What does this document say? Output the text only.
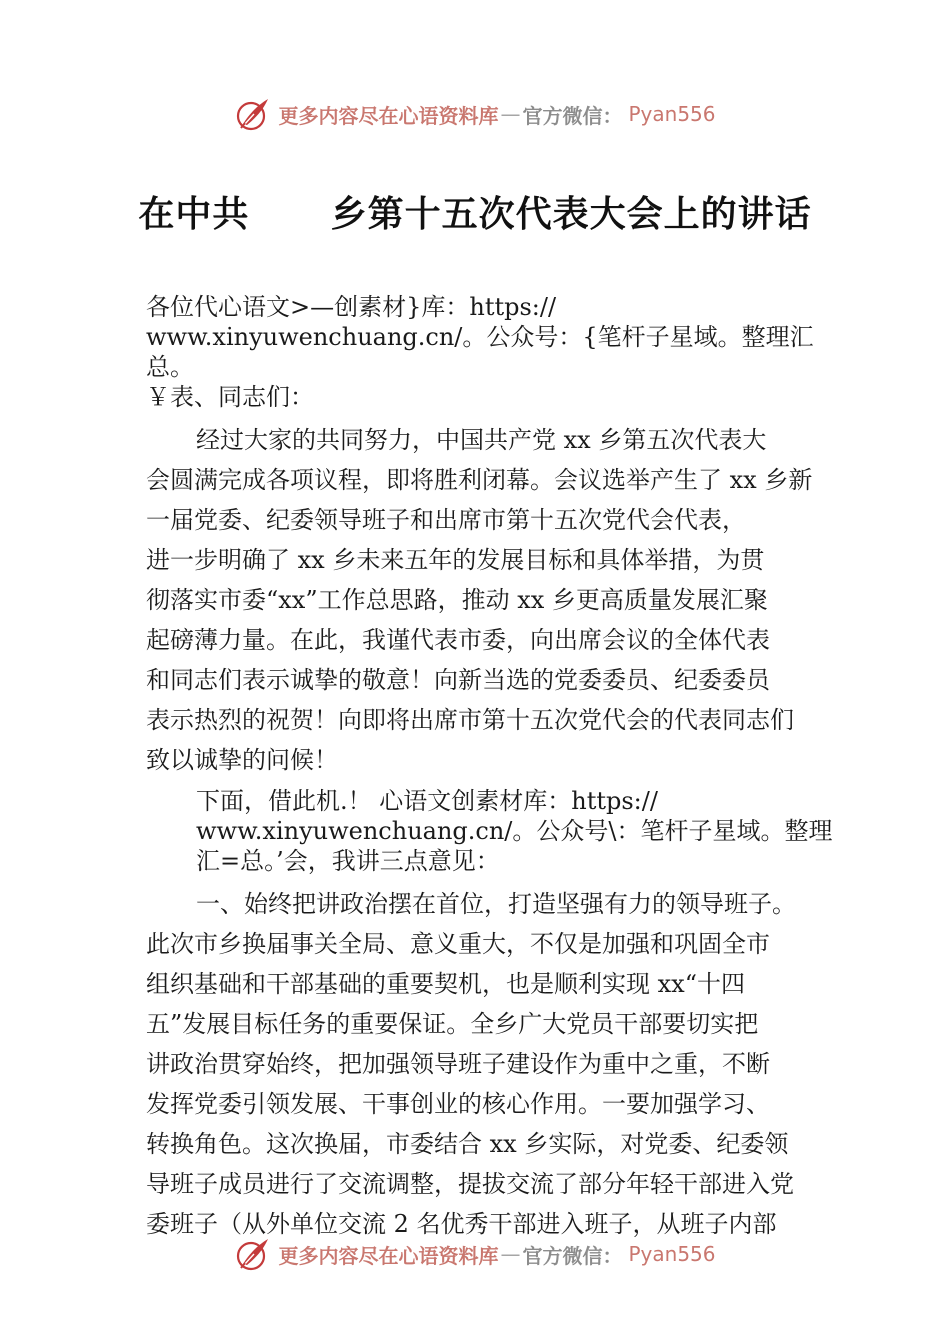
更多内容尽在心语资料库 — 官方微信： Pyan556
在中共      乡第十五次代表大会上的讲话

各位代心语文>—创素材}库：https://

www.xinyuwenchuang.cn/。公众号：{笔杆子星域。整理汇总。

￥表、同志们：

经过大家的共同努力，中国共产党 xx 乡第五次代表大

会圆满完成各项议程，即将胜利闭幕。会议选举产生了 xx 乡新

一届党委、纪委领导班子和出席市第十五次党代会代表，

进一步明确了 xx 乡未来五年的发展目标和具体举措，为贯

彻落实市委“xx”工作总思路，推动 xx 乡更高质量发展汇聚

起磅薄力量。在此，我谨代表市委，向出席会议的全体代表

和同志们表示诚挚的敬意！向新当选的党委委员、纪委委员

表示热烈的祝贺！向即将出席市第十五次党代会的代表同志们

致以诚挚的问候！

下面，借此机.！ 心语文创素材库：https://

www.xinyuwenchuang.cn/。公众号\：笔杆子星域。整理

汇=总。’会，我讲三点意见：

一、始终把讲政治摆在首位，打造坚强有力的领导班子。

此次市乡换届事关全局、意义重大，不仅是加强和巩固全市

组织基础和干部基础的重要契机，也是顺利实现 xx“十四

五”发展目标任务的重要保证。全乡广大党员干部要切实把

讲政治贯穿始终，把加强领导班子建设作为重中之重，不断

发挥党委引领发展、干事创业的核心作用。一要加强学习、

转换角色。这次换届，市委结合 xx 乡实际，对党委、纪委领

导班子成员进行了交流调整，提拔交流了部分年轻干部进入党

委班子（从外单位交流 2 名优秀干部进入班子，从班子内部

更多内容尽在心语资料库 — 官方微信： Pyan556
